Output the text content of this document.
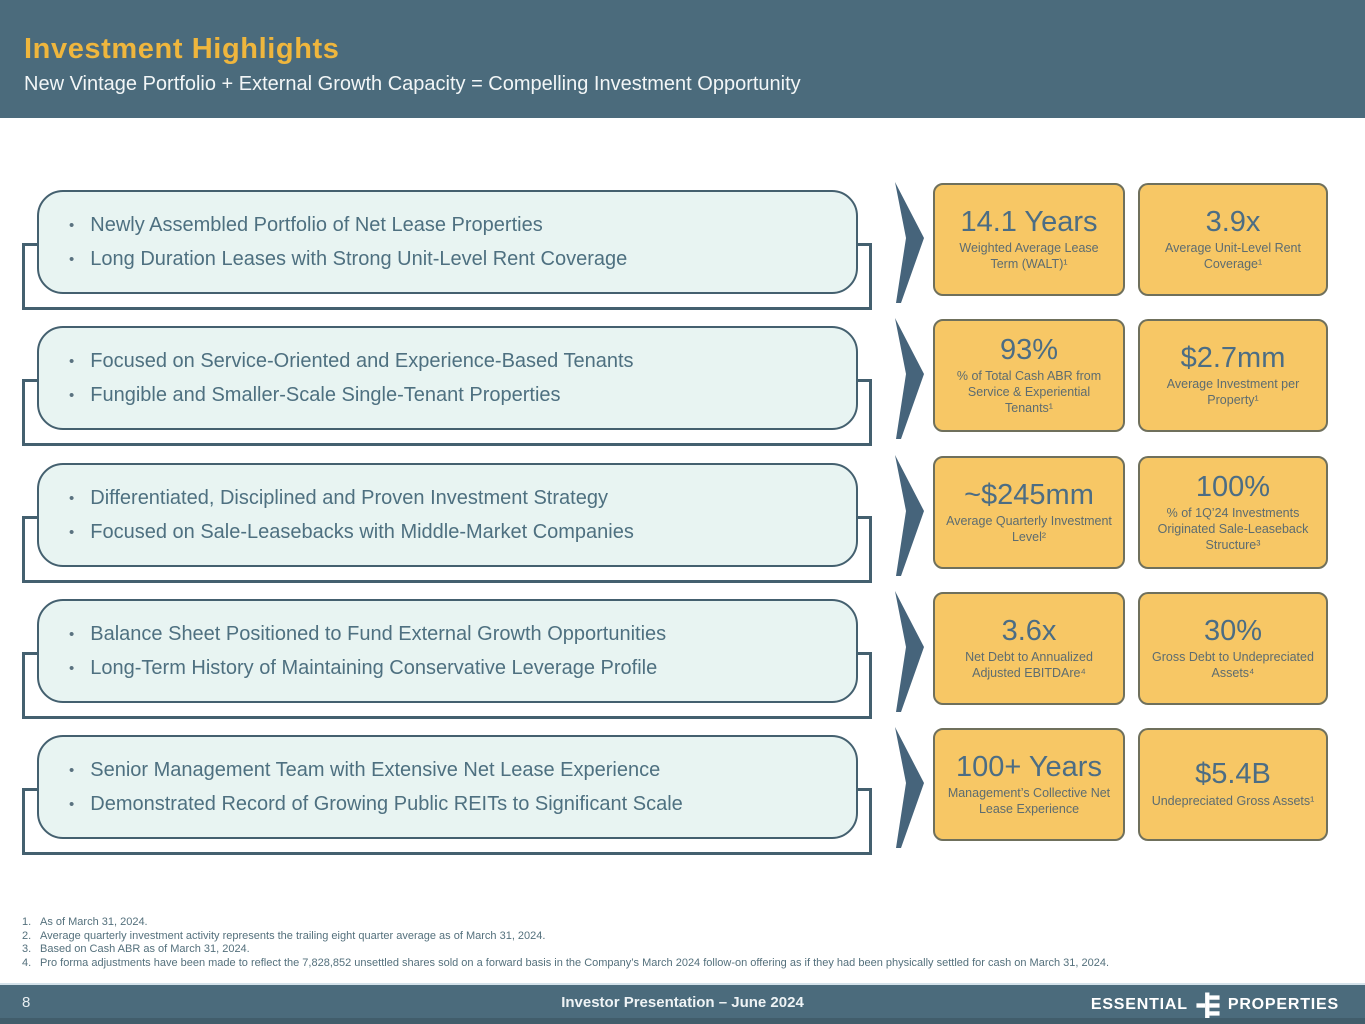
Investment Highlights
New Vintage Portfolio + External Growth Capacity = Compelling Investment Opportunity
• Newly Assembled Portfolio of Net Lease Properties
• Long Duration Leases with Strong Unit-Level Rent Coverage
14.1 Years
Weighted Average Lease Term (WALT)¹
3.9x
Average Unit-Level Rent Coverage¹
• Focused on Service-Oriented and Experience-Based Tenants
• Fungible and Smaller-Scale Single-Tenant Properties
93%
% of Total Cash ABR from Service & Experiential Tenants¹
$2.7mm
Average Investment per Property¹
• Differentiated, Disciplined and Proven Investment Strategy
• Focused on Sale-Leasebacks with Middle-Market Companies
~$245mm
Average Quarterly Investment Level²
100%
% of 1Q’24 Investments Originated Sale-Leaseback Structure³
• Balance Sheet Positioned to Fund External Growth Opportunities
• Long-Term History of Maintaining Conservative Leverage Profile
3.6x
Net Debt to Annualized Adjusted EBITDAre⁴
30%
Gross Debt to Undepreciated Assets⁴
• Senior Management Team with Extensive Net Lease Experience
• Demonstrated Record of Growing Public REITs to Significant Scale
100+ Years
Management’s Collective Net Lease Experience
$5.4B
Undepreciated Gross Assets¹
1. As of March 31, 2024.
2. Average quarterly investment activity represents the trailing eight quarter average as of March 31, 2024.
3. Based on Cash ABR as of March 31, 2024.
4. Pro forma adjustments have been made to reflect the 7,828,852 unsettled shares sold on a forward basis in the Company’s March 2024 follow-on offering as if they had been physically settled for cash on March 31, 2024.
8	Investor Presentation – June 2024	ESSENTIAL	PROPERTIES
